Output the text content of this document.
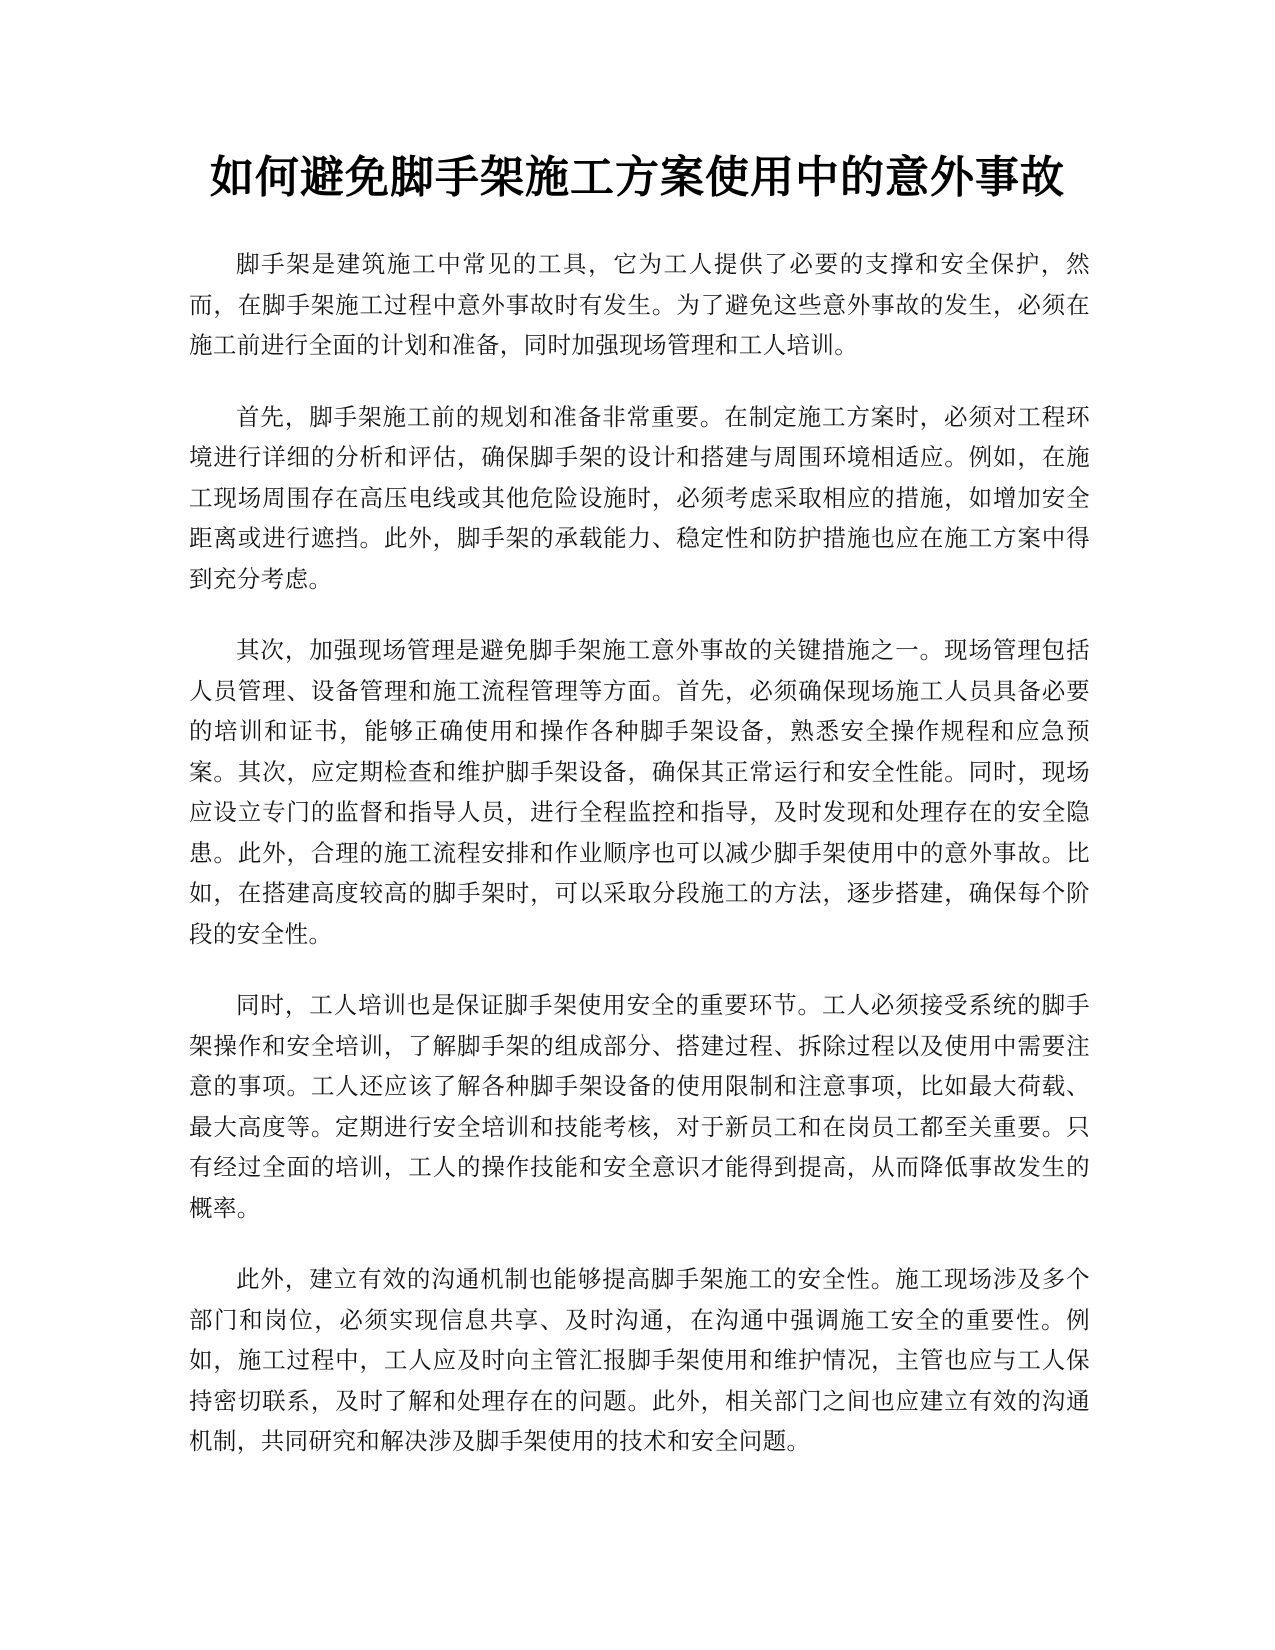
如何避免脚手架施工方案使用中的意外事故

脚手架是建筑施工中常见的工具，它为工人提供了必要的支撑和安全保护，然而，在脚手架施工过程中意外事故时有发生。为了避免这些意外事故的发生，必须在施工前进行全面的计划和准备，同时加强现场管理和工人培训。

首先，脚手架施工前的规划和准备非常重要。在制定施工方案时，必须对工程环境进行详细的分析和评估，确保脚手架的设计和搭建与周围环境相适应。例如，在施工现场周围存在高压电线或其他危险设施时，必须考虑采取相应的措施，如增加安全距离或进行遮挡。此外，脚手架的承载能力、稳定性和防护措施也应在施工方案中得到充分考虑。

其次，加强现场管理是避免脚手架施工意外事故的关键措施之一。现场管理包括人员管理、设备管理和施工流程管理等方面。首先，必须确保现场施工人员具备必要的培训和证书，能够正确使用和操作各种脚手架设备，熟悉安全操作规程和应急预案。其次，应定期检查和维护脚手架设备，确保其正常运行和安全性能。同时，现场应设立专门的监督和指导人员，进行全程监控和指导，及时发现和处理存在的安全隐患。此外，合理的施工流程安排和作业顺序也可以减少脚手架使用中的意外事故。比如，在搭建高度较高的脚手架时，可以采取分段施工的方法，逐步搭建，确保每个阶段的安全性。

同时，工人培训也是保证脚手架使用安全的重要环节。工人必须接受系统的脚手架操作和安全培训，了解脚手架的组成部分、搭建过程、拆除过程以及使用中需要注意的事项。工人还应该了解各种脚手架设备的使用限制和注意事项，比如最大荷载、最大高度等。定期进行安全培训和技能考核，对于新员工和在岗员工都至关重要。只有经过全面的培训，工人的操作技能和安全意识才能得到提高，从而降低事故发生的概率。

此外，建立有效的沟通机制也能够提高脚手架施工的安全性。施工现场涉及多个部门和岗位，必须实现信息共享、及时沟通，在沟通中强调施工安全的重要性。例如，施工过程中，工人应及时向主管汇报脚手架使用和维护情况，主管也应与工人保持密切联系，及时了解和处理存在的问题。此外，相关部门之间也应建立有效的沟通机制，共同研究和解决涉及脚手架使用的技术和安全问题。
